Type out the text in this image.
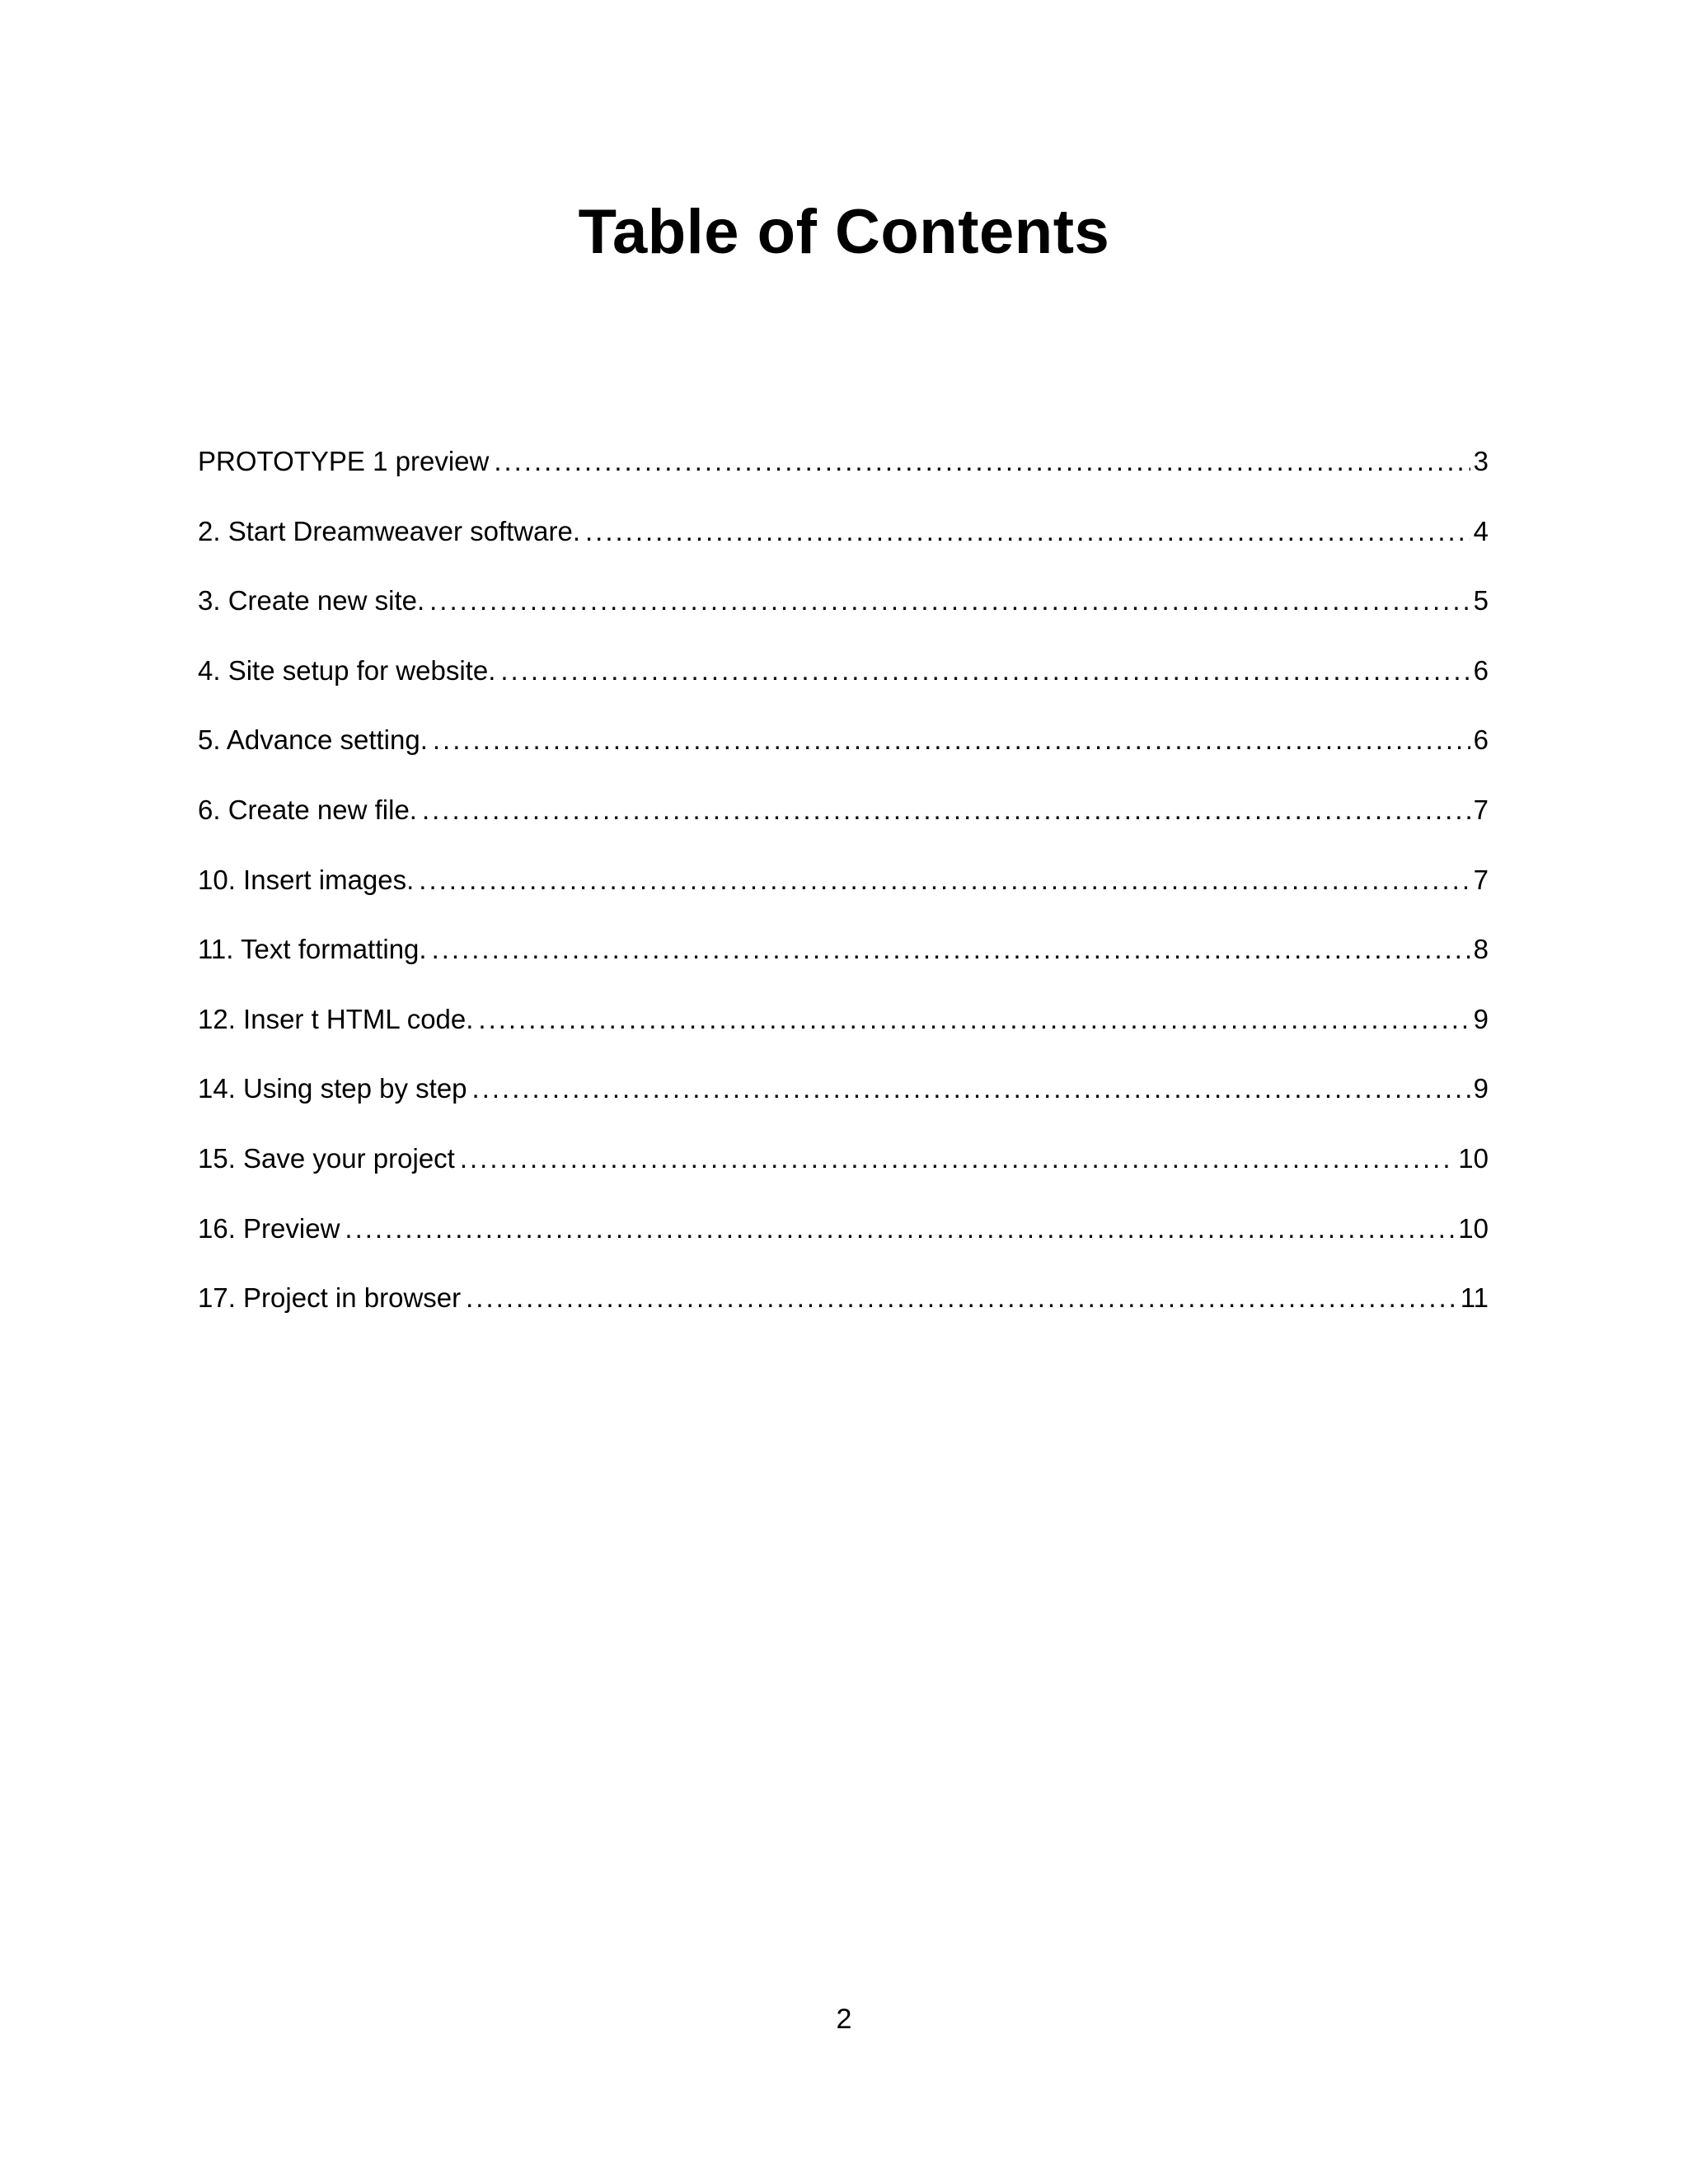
Table of Contents
PROTOTYPE 1 preview .....	3
2. Start Dreamweaver software. .....	4
3. Create new site. .....	5
4. Site setup for website. .....	6
5. Advance setting. .....	6
6. Create new file. .....	7
10. Insert images. .....	7
11. Text formatting. .....	8
12. Inser t HTML code. .....	9
14. Using step by step .....	9
15. Save your project .....	10
16. Preview .....	10
17. Project in browser .....	11
2
